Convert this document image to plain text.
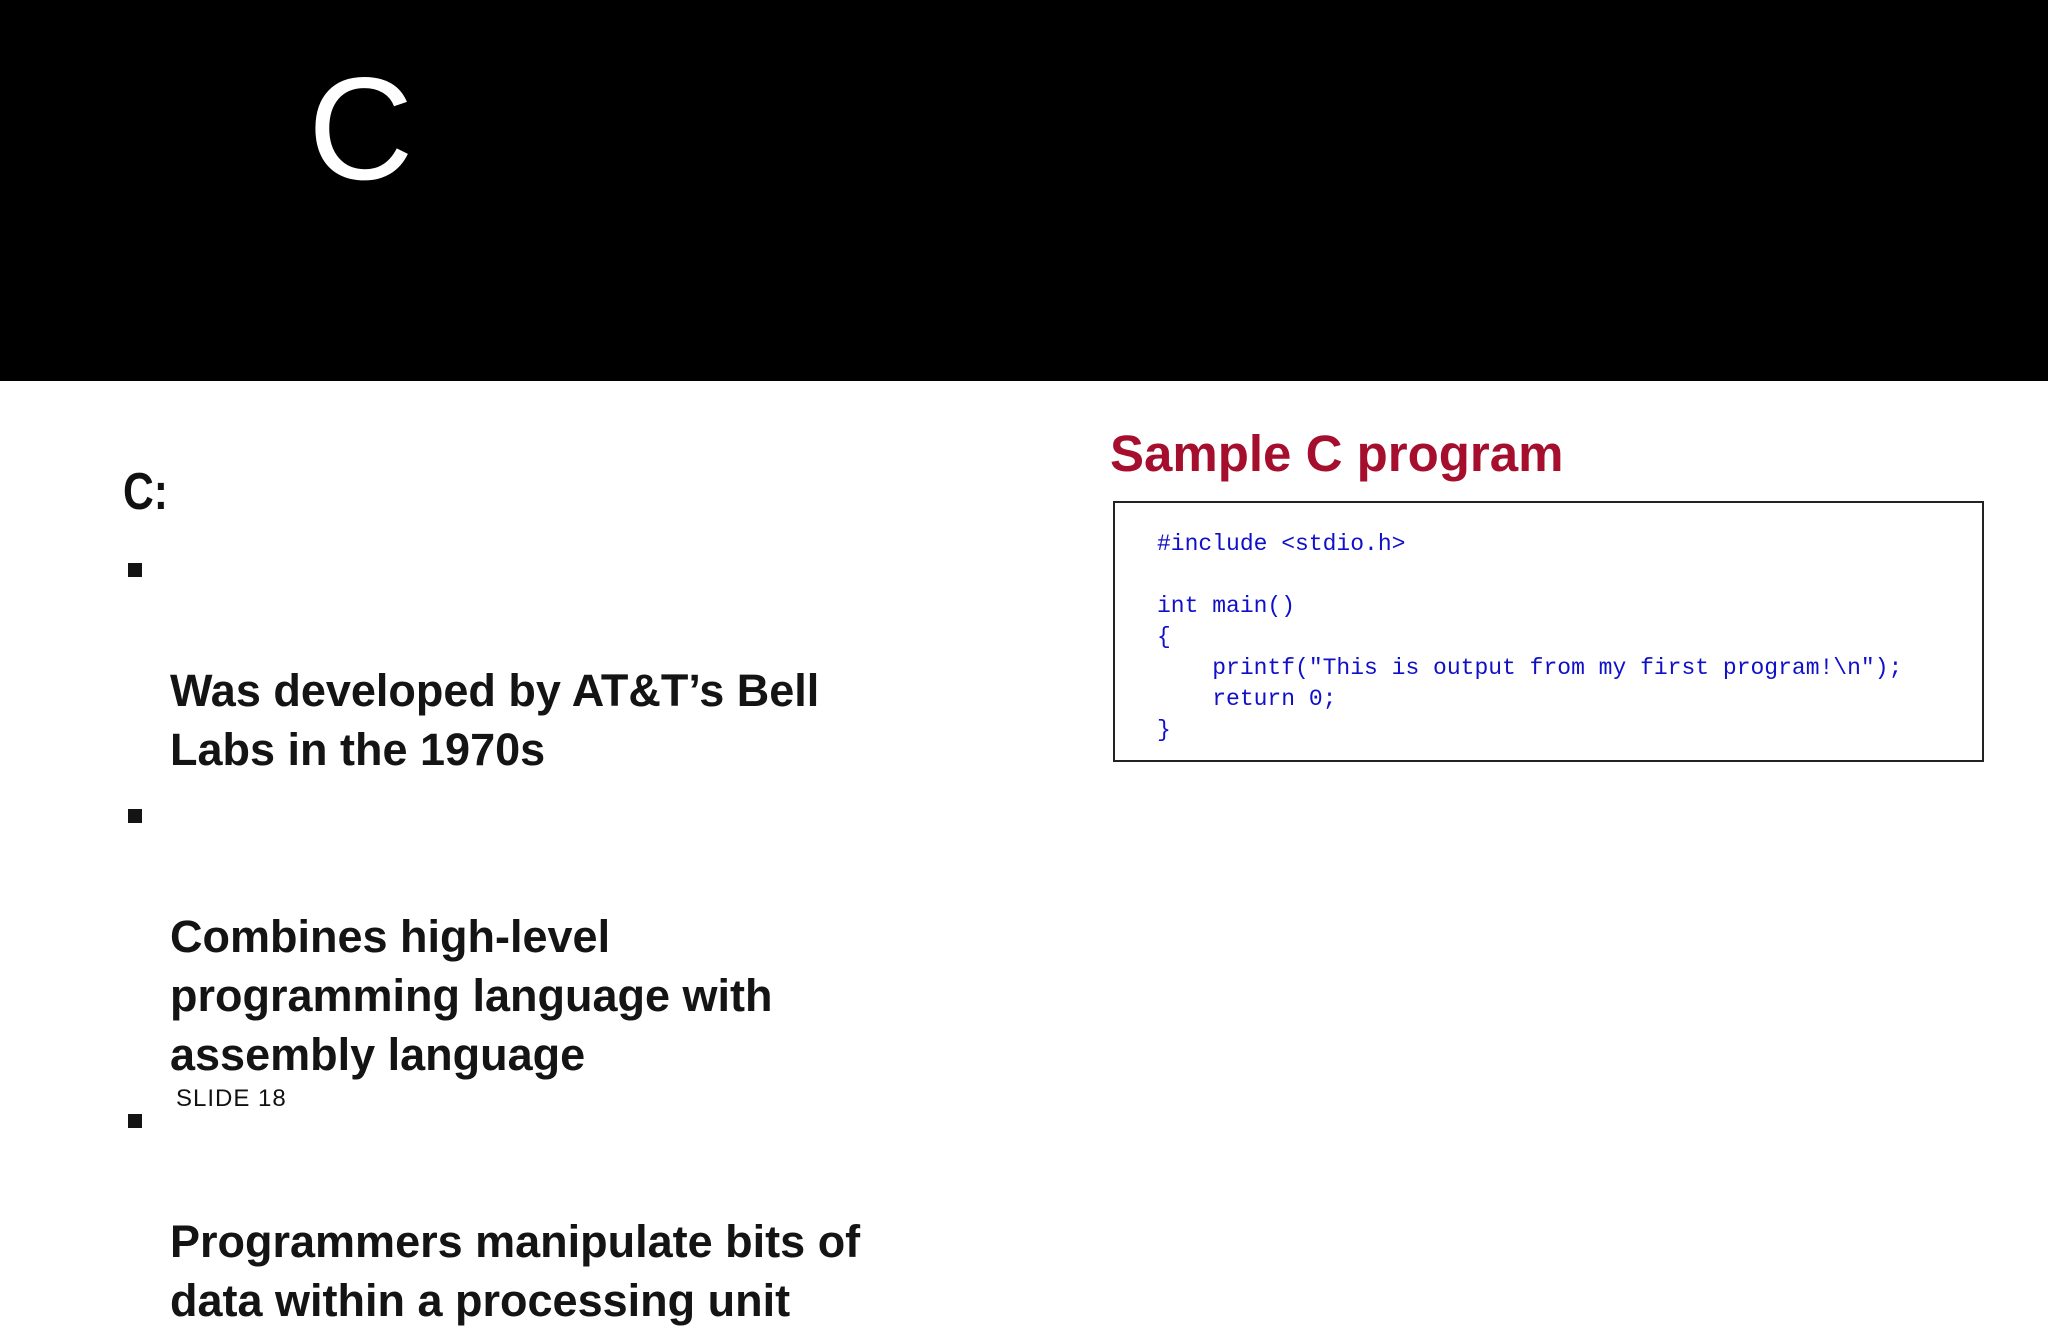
C
C:

Was developed by AT&T’s Bell
Labs in the 1970s

Combines high-level
programming language with
assembly language

Programmers manipulate bits of
data within a processing unit

Sample C program
#include <stdio.h>
int main()
{
printf("This is output from my first program!\n");
return 0;
}
SLIDE 18
